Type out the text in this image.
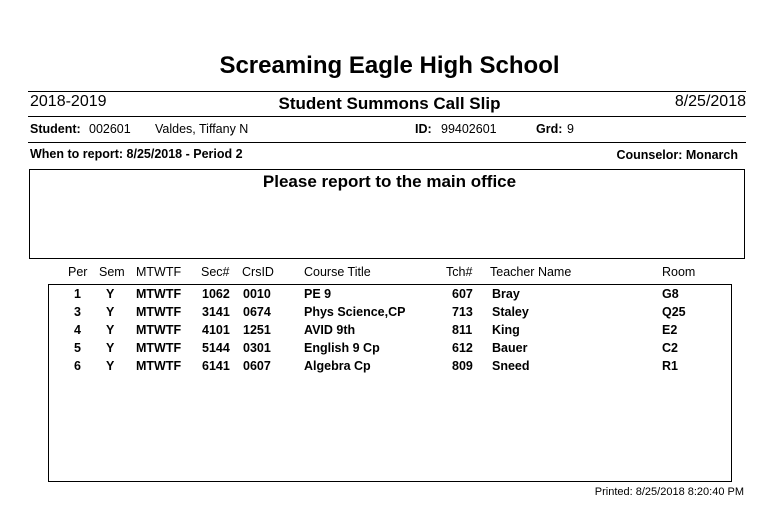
Screaming Eagle High School
2018-2019	Student Summons Call Slip	8/25/2018
Student: 002601 Valdes, Tiffany N	ID: 99402601	Grd: 9
When to report: 8/25/2018 - Period 2	Counselor: Monarch
Please report to the main office
Per Sem MTWTF Sec# CrsID Course Title	Tch# Teacher Name	Room
1 Y MTWTF 1062 0010	PE 9	607 Bray	G8
3 Y MTWTF 3141 0674	Phys Science,CP	713 Staley	Q25
4 Y MTWTF 4101 1251	AVID 9th	811 King	E2
5 Y MTWTF 5144 0301	English 9 Cp	612 Bauer	C2
6 Y MTWTF 6141 0607	Algebra Cp	809 Sneed	R1
Printed: 8/25/2018 8:20:40 PM
